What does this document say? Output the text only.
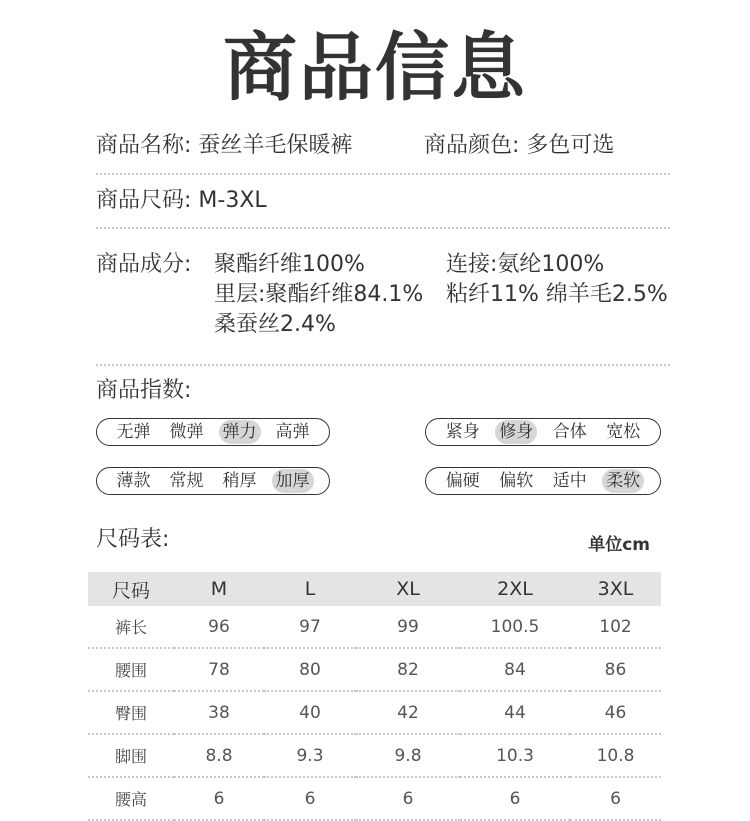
商品信息
商品名称: 蚕丝羊毛保暖裤	商品颜色: 多色可选
商品尺码: M-3XL
商品成分: 聚酯纤维100%	连接:氨纶100%
里层:聚酯纤维84.1% 粘纤11% 绵羊毛2.5%
桑蚕丝2.4%
商品指数:
无弹 微弹 弹力 高弹	紧身 修身 合体 宽松
薄款 常规 稍厚 加厚	偏硬 偏软 适中 柔软
尺码表:	单位cm
尺码	M	L	XL	2XL	3XL
裤长	96	97	99	100.5	102
腰围	78	80	82	84	86
臀围	38	40	42	44	46
脚围	8.8	9.3	9.8	10.3	10.8
腰高	6	6	6	6	6
